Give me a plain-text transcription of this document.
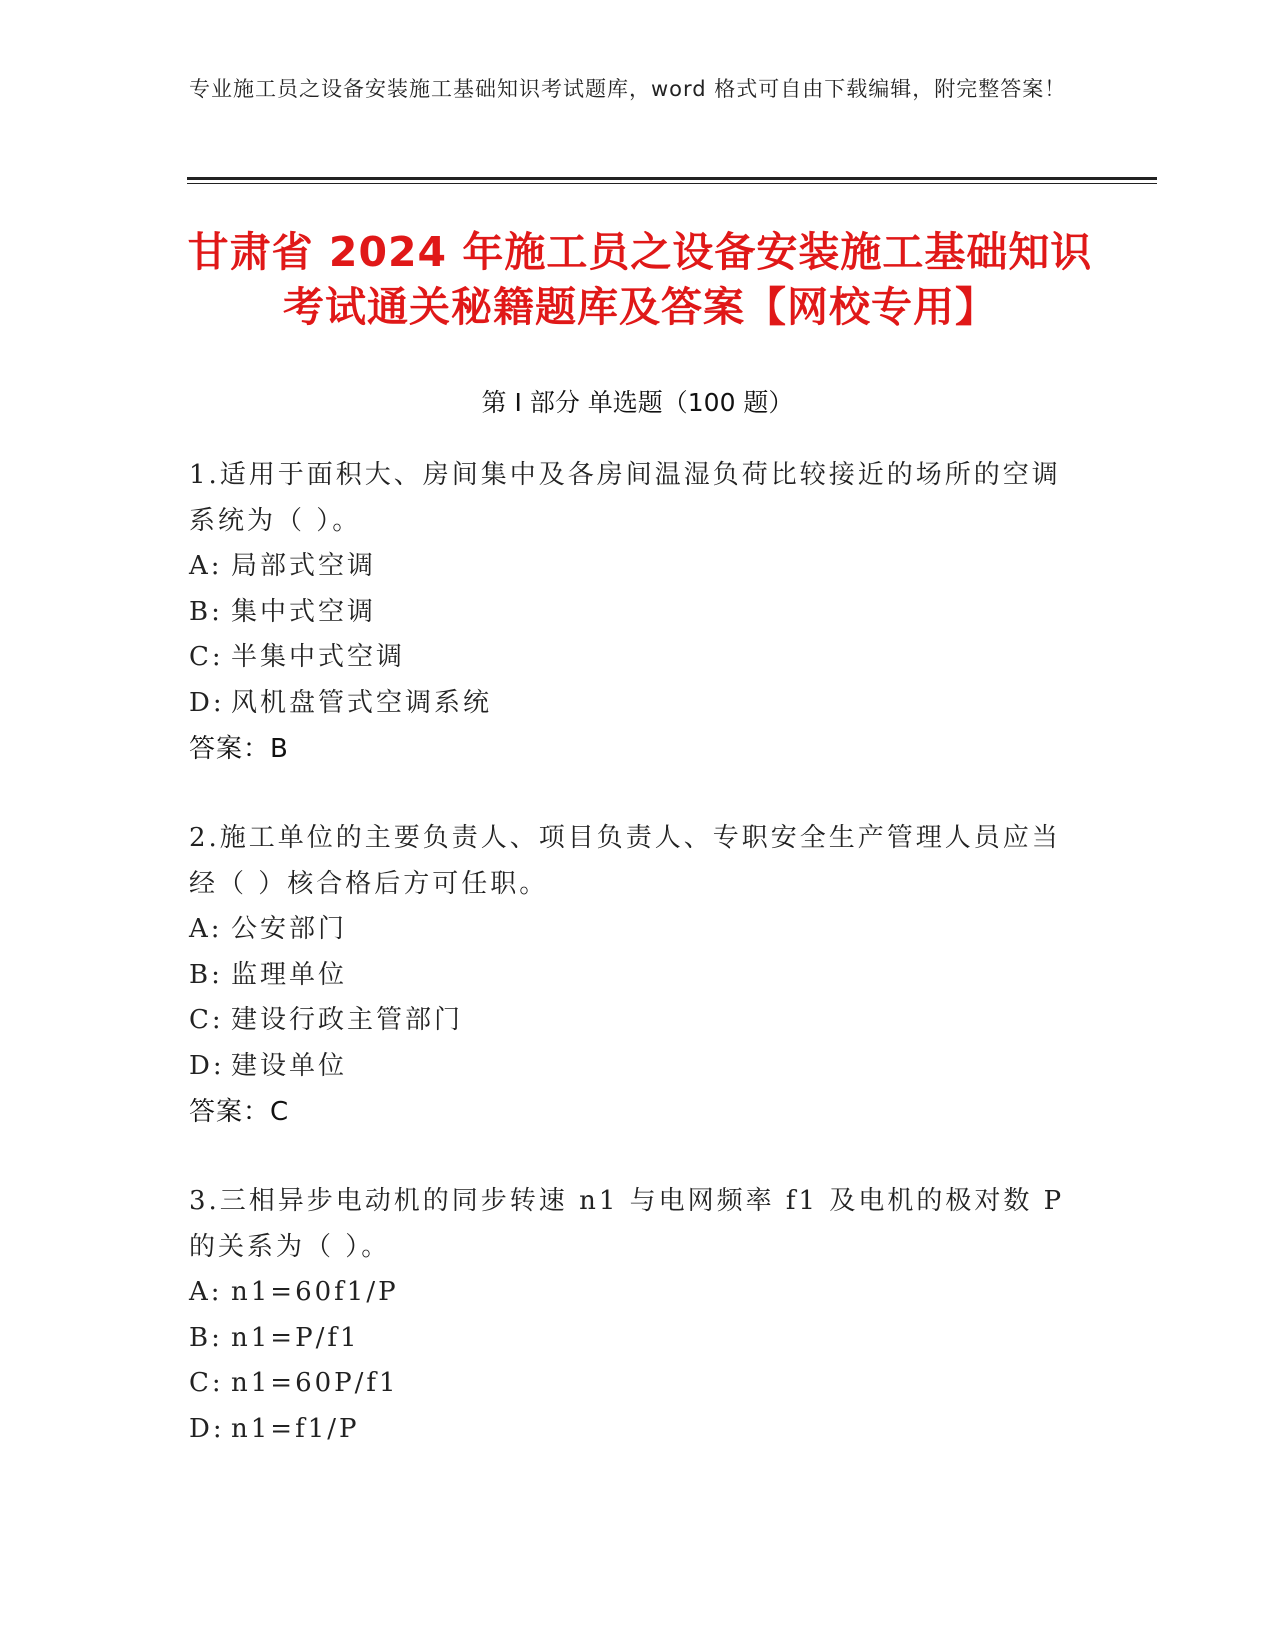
专业施工员之设备安装施工基础知识考试题库，word 格式可自由下载编辑，附完整答案！
甘肃省 2024 年施工员之设备安装施工基础知识考试通关秘籍题库及答案【网校专用】
第 I 部分 单选题（100 题）
1.适用于面积大、房间集中及各房间温湿负荷比较接近的场所的空调系统为（ ）。
A: 局部式空调
B: 集中式空调
C: 半集中式空调
D: 风机盘管式空调系统
答案：B
2.施工单位的主要负责人、项目负责人、专职安全生产管理人员应当经（ ）核合格后方可任职。
A: 公安部门
B: 监理单位
C: 建设行政主管部门
D: 建设单位
答案：C
3.三相异步电动机的同步转速 n1 与电网频率 f1 及电机的极对数 P 的关系为（ ）。
A: n1=60f1/P
B: n1=P/f1
C: n1=60P/f1
D: n1=f1/P
